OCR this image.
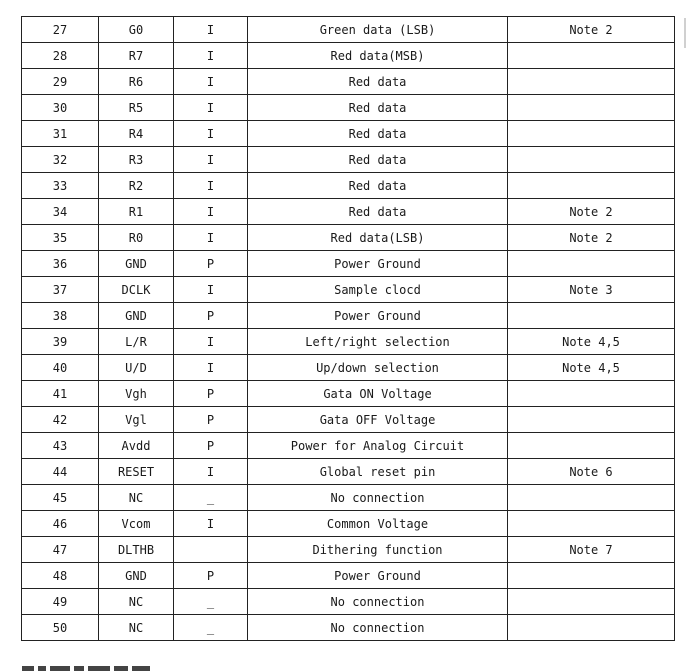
27	G0	I	Green data (LSB)	Note 2
28	R7	I	Red data(MSB)	
29	R6	I	Red data	
30	R5	I	Red data	
31	R4	I	Red data	
32	R3	I	Red data	
33	R2	I	Red data	
34	R1	I	Red data	Note 2
35	R0	I	Red data(LSB)	Note 2
36	GND	P	Power Ground	
37	DCLK	I	Sample clocd	Note 3
38	GND	P	Power Ground	
39	L/R	I	Left/right selection	Note 4,5
40	U/D	I	Up/down selection	Note 4,5
41	Vgh	P	Gata ON Voltage	
42	Vgl	P	Gata OFF Voltage	
43	Avdd	P	Power for Analog Circuit	
44	RESET	I	Global reset pin	Note 6
45	NC	_	No connection	
46	Vcom	I	Common Voltage	
47	DLTHB		Dithering function	Note 7
48	GND	P	Power Ground	
49	NC	_	No connection	
50	NC	_	No connection	
